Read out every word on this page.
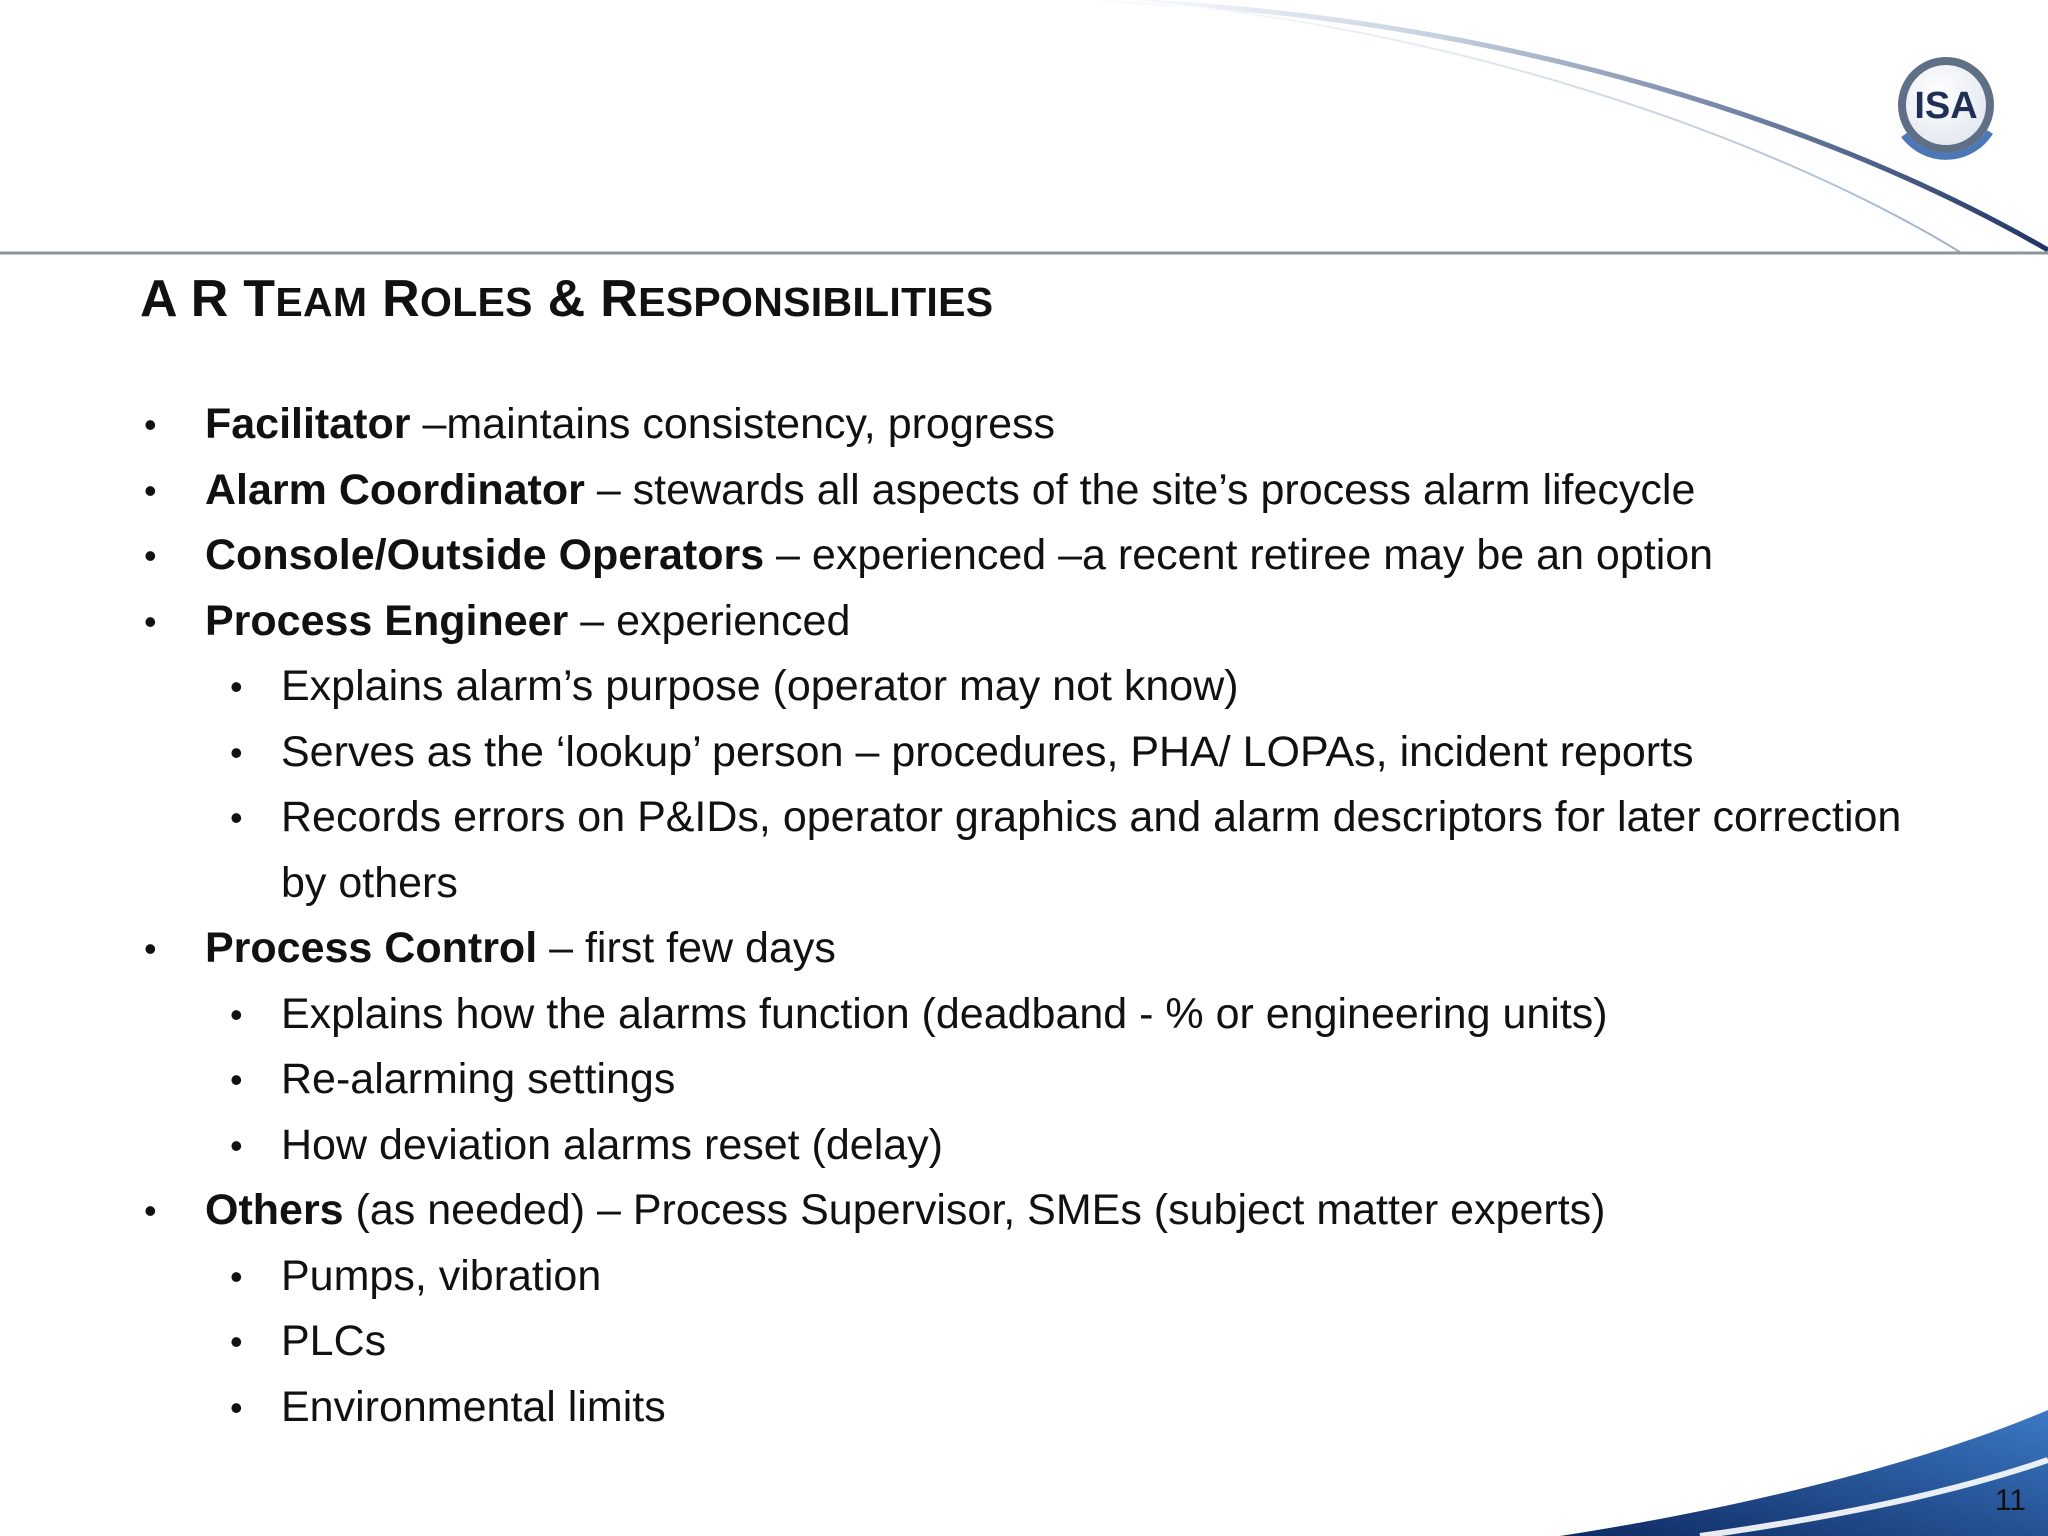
ISA
A R TEAM ROLES & RESPONSIBILITIES
• Facilitator –maintains consistency, progress
• Alarm Coordinator – stewards all aspects of the site’s process alarm lifecycle
• Console/Outside Operators – experienced –a recent retiree may be an option
• Process Engineer – experienced
• Explains alarm’s purpose (operator may not know)
• Serves as the ‘lookup’ person – procedures, PHA/ LOPAs, incident reports
• Records errors on P&IDs, operator graphics and alarm descriptors for later correction by others
• Process Control – first few days
• Explains how the alarms function (deadband - % or engineering units)
• Re-alarming settings
• How deviation alarms reset (delay)
• Others (as needed) – Process Supervisor, SMEs (subject matter experts)
• Pumps, vibration
• PLCs
• Environmental limits
11
